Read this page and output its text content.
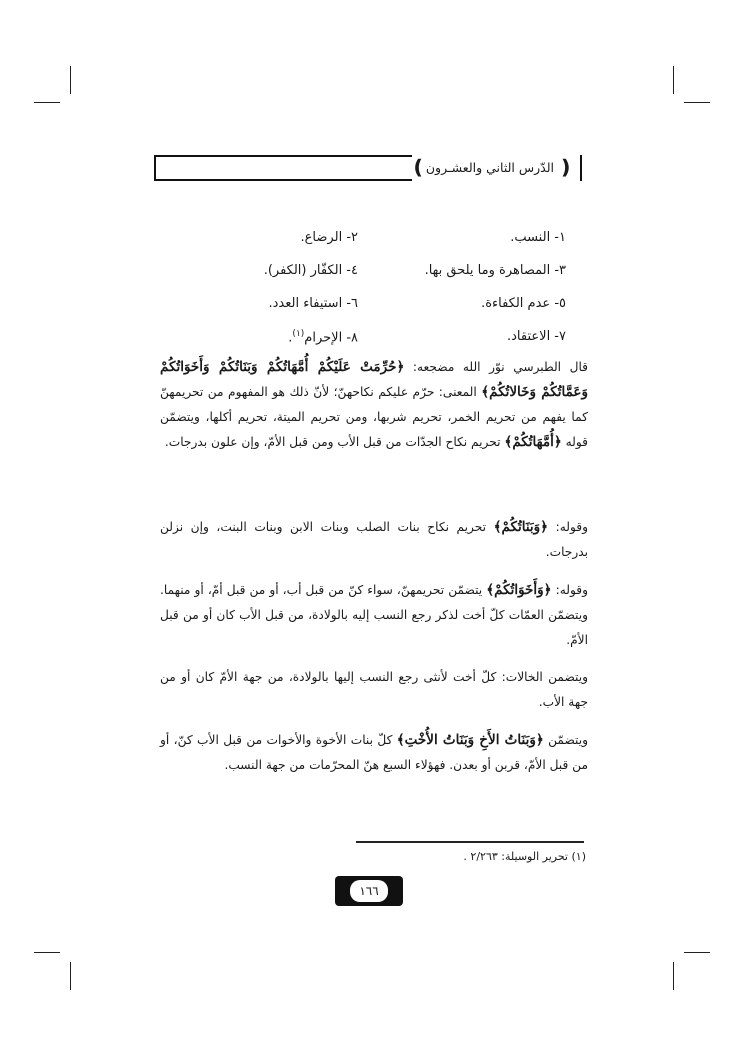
❪
الدّرس الثاني والعشـرون
❫
١- النسب.
٢- الرضاع.
٣- المصاهرة وما يلحق بها.
٤- الكفّار (الكفر).
٥- عدم الكفاءة.
٦- استيفاء العدد.
٧- الاعتقاد.
٨- الإحرام$^{(١)}$.
قال الطبرسي نوّر الله مضجعه: ﴿حُرِّمَتْ عَلَيْكُمْ أُمَّهَاتُكُمْ وَبَنَاتُكُمْ وَأَخَوَاتُكُمْ وَعَمَّاتُكُمْ وَخَالاتُكُمْ﴾ المعنى: حرّم عليكم نكاحهنّ؛ لأنّ ذلك هو المفهوم من تحريمهنّ كما يفهم من تحريم الخمر، تحريم شربها، ومن تحريم الميتة، تحريم أكلها، ويتضمّن قوله ﴿أُمَّهَاتُكُمْ﴾ تحريم نكاح الجدّات من قبل الأب ومن قبل الأمّ، وإن علون بدرجات.
وقوله: ﴿وَبَنَاتُكُمْ﴾ تحريم نكاح بنات الصلب وبنات الابن وبنات البنت، وإن نزلن بدرجات.
وقوله: ﴿وَأَخَوَاتُكُمْ﴾ يتضمّن تحريمهنّ، سواء كنّ من قبل أب، أو من قبل أمّ، أو منهما. ويتضمّن العمّات كلّ أخت لذكر رجع النسب إليه بالولادة، من قبل الأب كان أو من قبل الأمّ.
ويتضمن الخالات: كلّ أخت لأنثى رجع النسب إليها بالولادة، من جهة الأمّ كان أو من جهة الأب.
ويتضمّن ﴿وَبَنَاتُ الأَخِ وَبَنَاتُ الأُخْتِ﴾ كلّ بنات الأخوة والأخوات من قبل الأب كنّ، أو من قبل الأمّ، قربن أو بعدن. فهؤلاء السبع هنّ المحرّمات من جهة النسب.
(١) تحرير الوسيلة: ٢/٢٦٣ .
١٦٦
